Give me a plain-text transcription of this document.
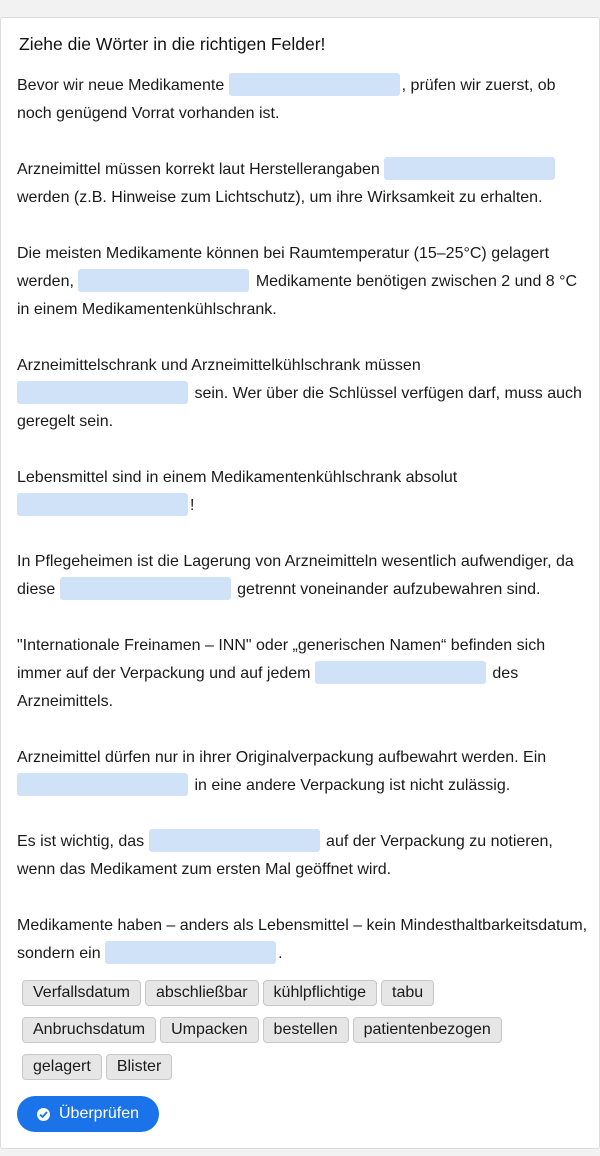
Ziehe die Wörter in die richtigen Felder!

Bevor wir neue Medikamente	, prüfen wir zuerst, ob noch genügend Vorrat vorhanden ist.

Arzneimittel müssen korrekt laut Herstellerangaben  werden (z.B. Hinweise zum Lichtschutz), um ihre Wirksamkeit zu erhalten.

Die meisten Medikamente können bei Raumtemperatur (15–25°C) gelagert werden,	Medikamente benötigen zwischen 2 und 8 °C in einem Medikamentenkühlschrank.

Arzneimittelschrank und Arzneimittelkühlschrank müssen  sein. Wer über die Schlüssel verfügen darf, muss auch geregelt sein.

Lebensmittel sind in einem Medikamentenkühlschrank absolut !

In Pflegeheimen ist die Lagerung von Arzneimitteln wesentlich aufwendiger, da diese	getrennt voneinander aufzubewahren sind.

"Internationale Freinamen – INN" oder „generischen Namen“ befinden sich immer auf der Verpackung und auf jedem	des Arzneimittels.

Arzneimittel dürfen nur in ihrer Originalverpackung aufbewahrt werden. Ein  in eine andere Verpackung ist nicht zulässig.

Es ist wichtig, das	auf der Verpackung zu notieren, wenn das Medikament zum ersten Mal geöffnet wird.

Medikamente haben – anders als Lebensmittel – kein Mindesthaltbarkeitsdatum, sondern ein	.

Verfallsdatum abschließbar kühlpflichtige tabu
Anbruchsdatum Umpacken bestellen patientenbezogen
gelagert Blister
Überprüfen
